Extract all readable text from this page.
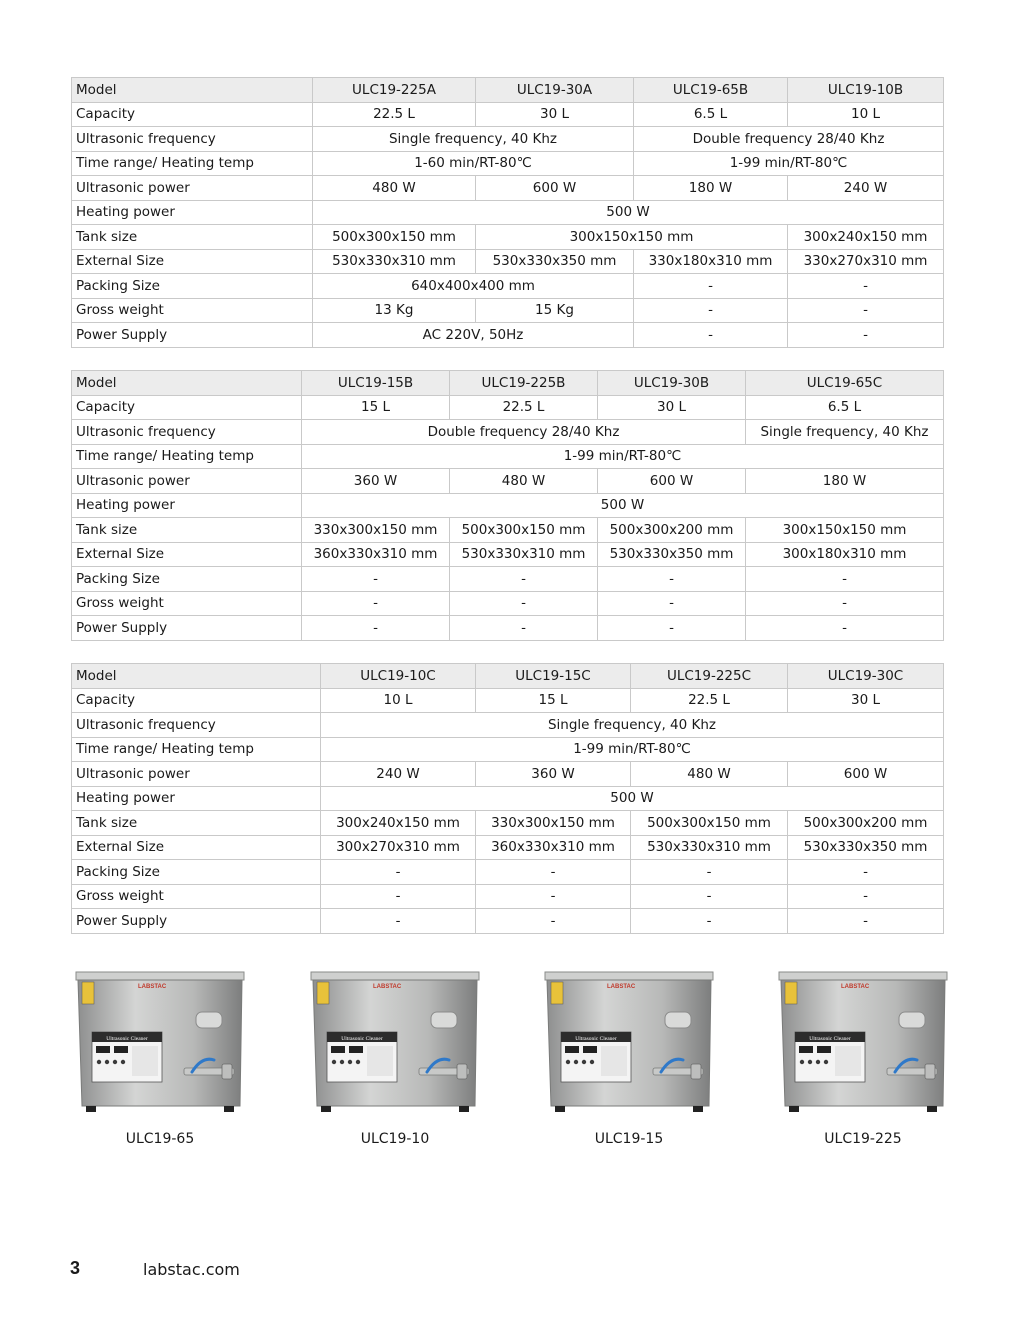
Model	ULC19-225A	ULC19-30A	ULC19-65B	ULC19-10B
Capacity	22.5 L	30 L	6.5 L	10 L
Ultrasonic frequency	Single frequency, 40 Khz		Double frequency 28/40 Khz	
Time range/ Heating temp	1-60 min/RT-80℃		1-99 min/RT-80℃	
Ultrasonic power	480 W	600 W	180 W	240 W
Heating power	500 W			
Tank size	500x300x150 mm	300x150x150 mm		300x240x150 mm
External Size	530x330x310 mm	530x330x350 mm	330x180x310 mm	330x270x310 mm
Packing Size	640x400x400 mm		-	-
Gross weight	13 Kg	15 Kg	-	-
Power Supply	AC 220V, 50Hz		-	-
Model	ULC19-15B	ULC19-225B	ULC19-30B	ULC19-65C
Capacity	15 L	22.5 L	30 L	6.5 L
Ultrasonic frequency	Double frequency 28/40 Khz			Single frequency, 40 Khz
Time range/ Heating temp	1-99 min/RT-80℃			
Ultrasonic power	360 W	480 W	600 W	180 W
Heating power	500 W			
Tank size	330x300x150 mm	500x300x150 mm	500x300x200 mm	300x150x150 mm
External Size	360x330x310 mm	530x330x310 mm	530x330x350 mm	300x180x310 mm
Packing Size	-	-	-	-
Gross weight	-	-	-	-
Power Supply	-	-	-	-
Model	ULC19-10C	ULC19-15C	ULC19-225C	ULC19-30C
Capacity	10 L	15 L	22.5 L	30 L
Ultrasonic frequency	Single frequency, 40 Khz			
Time range/ Heating temp	1-99 min/RT-80℃			
Ultrasonic power	240 W	360 W	480 W	600 W
Heating power	500 W			
Tank size	300x240x150 mm	330x300x150 mm	500x300x150 mm	500x300x200 mm
External Size	300x270x310 mm	360x330x310 mm	530x330x310 mm	530x330x350 mm
Packing Size	-	-	-	-
Gross weight	-	-	-	-
Power Supply	-	-	-	-
LABSTAC
Ultrasonic Cleaner
ULC19-65
LABSTAC
Ultrasonic Cleaner
ULC19-10
LABSTAC
Ultrasonic Cleaner
ULC19-15
LABSTAC
Ultrasonic Cleaner
ULC19-225
3	labstac.com
